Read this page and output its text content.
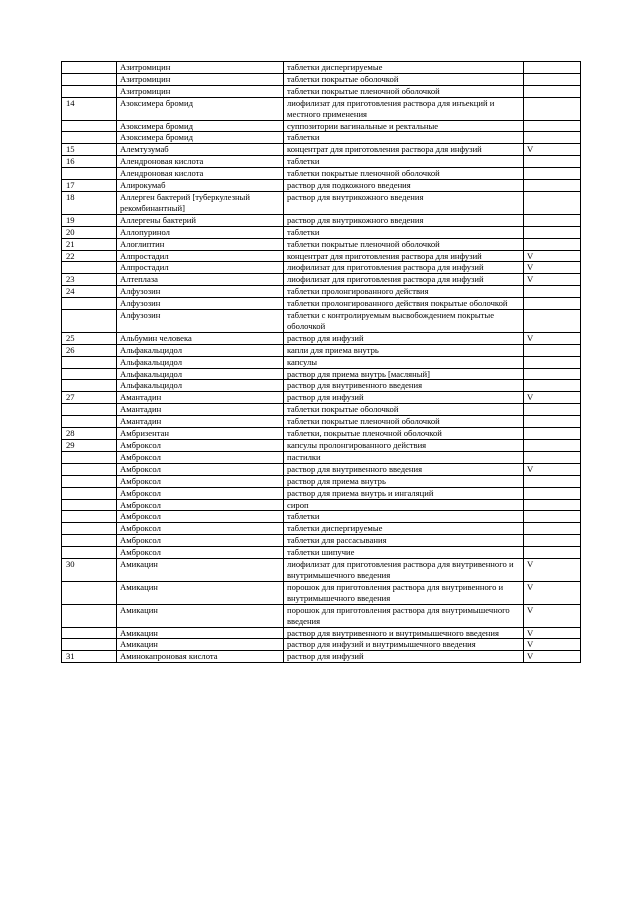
	Азитромицин	таблетки диспергируемые	
	Азитромицин	таблетки покрытые оболочкой	
	Азитромицин	таблетки покрытые пленочной оболочкой	
14	Азоксимера бромид	лиофилизат для приготовления раствора для инъекций и местного применения	
	Азоксимера бромид	суппозитории вагинальные и ректальные	
	Азоксимера бромид	таблетки	
15	Алемтузумаб	концентрат для приготовления раствора для инфузий	V
16	Алендроновая кислота	таблетки	
	Алендроновая кислота	таблетки покрытые пленочной оболочкой	
17	Алирокумаб	раствор для подкожного введения	
18	Аллерген бактерий [туберкулезный рекомбинантный]	раствор для внутрикожного введения	
19	Аллергены бактерий	раствор для внутрикожного введения	
20	Аллопуринол	таблетки	
21	Алоглиптин	таблетки покрытые пленочной оболочкой	
22	Алпростадил	концентрат для приготовления раствора для инфузий	V
	Алпростадил	лиофилизат для приготовления раствора для инфузий	V
23	Алтеплаза	лиофилизат для приготовления раствора для инфузий	V
24	Алфузозин	таблетки пролонгированного действия	
	Алфузозин	таблетки пролонгированного действия покрытые оболочкой	
	Алфузозин	таблетки с контролируемым высвобождением покрытые оболочкой	
25	Альбумин человека	раствор для инфузий	V
26	Альфакальцидол	капли для приема внутрь	
	Альфакальцидол	капсулы	
	Альфакальцидол	раствор для приема внутрь [масляный]	
	Альфакальцидол	раствор для внутривенного введения	
27	Амантадин	раствор для инфузий	V
	Амантадин	таблетки покрытые оболочкой	
	Амантадин	таблетки покрытые пленочной оболочкой	
28	Амбризентан	таблетки, покрытые пленочной оболочкой	
29	Амброксол	капсулы пролонгированного действия	
	Амброксол	пастилки	
	Амброксол	раствор для внутривенного введения	V
	Амброксол	раствор для приема внутрь	
	Амброксол	раствор для приема внутрь и ингаляций	
	Амброксол	сироп	
	Амброксол	таблетки	
	Амброксол	таблетки диспергируемые	
	Амброксол	таблетки для рассасывания	
	Амброксол	таблетки шипучие	
30	Амикацин	лиофилизат для приготовления раствора для внутривенного и внутримышечного введения	V
	Амикацин	порошок для приготовления раствора для внутривенного и внутримышечного введения	V
	Амикацин	порошок для приготовления раствора для внутримышечного введения	V
	Амикацин	раствор для внутривенного и внутримышечного введения	V
	Амикацин	раствор для инфузий и внутримышечного введения	V
31	Аминокапроновая кислота	раствор для инфузий	V
